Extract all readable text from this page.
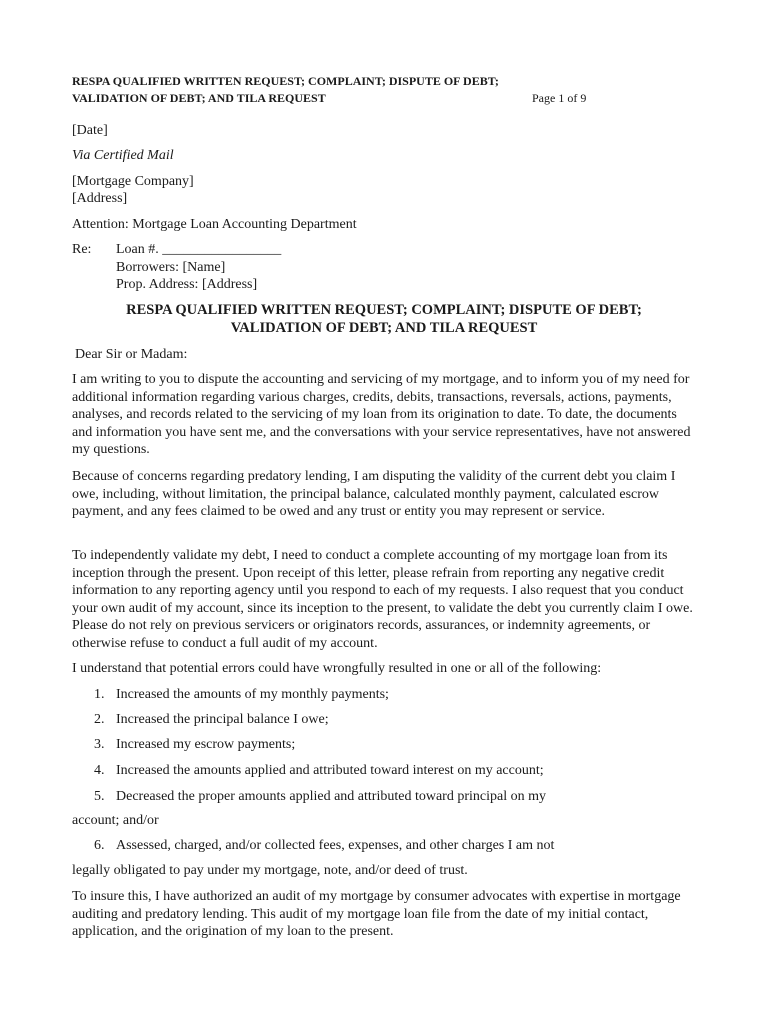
RESPA QUALIFIED WRITTEN REQUEST; COMPLAINT; DISPUTE OF DEBT;
VALIDATION OF DEBT; AND TILA REQUEST	Page 1 of 9
[Date]
Via Certified Mail
[Mortgage Company]
[Address]
Attention: Mortgage Loan Accounting Department
Re: Loan #. _________________
Borrowers: [Name]
Prop. Address: [Address]
RESPA QUALIFIED WRITTEN REQUEST; COMPLAINT; DISPUTE OF DEBT;
VALIDATION OF DEBT; AND TILA REQUEST
Dear Sir or Madam:
I am writing to you to dispute the accounting and servicing of my mortgage, and to inform you of my need for additional information regarding various charges, credits, debits, transactions, reversals, actions, payments, analyses, and records related to the servicing of my loan from its origination to date. To date, the documents and information you have sent me, and the conversations with your service representatives, have not answered my questions.
Because of concerns regarding predatory lending, I am disputing the validity of the current debt you claim I owe, including, without limitation, the principal balance, calculated monthly payment, calculated escrow payment, and any fees claimed to be owed and any trust or entity you may represent or service.
To independently validate my debt, I need to conduct a complete accounting of my mortgage loan from its inception through the present. Upon receipt of this letter, please refrain from reporting any negative credit information to any reporting agency until you respond to each of my requests. I also request that you conduct your own audit of my account, since its inception to the present, to validate the debt you currently claim I owe. Please do not rely on previous servicers or originators records, assurances, or indemnity agreements, or otherwise refuse to conduct a full audit of my account.
I understand that potential errors could have wrongfully resulted in one or all of the following:
1. Increased the amounts of my monthly payments;
2. Increased the principal balance I owe;
3. Increased my escrow payments;
4. Increased the amounts applied and attributed toward interest on my account;
5. Decreased the proper amounts applied and attributed toward principal on my
account; and/or
6. Assessed, charged, and/or collected fees, expenses, and other charges I am not
legally obligated to pay under my mortgage, note, and/or deed of trust.
To insure this, I have authorized an audit of my mortgage by consumer advocates with expertise in mortgage auditing and predatory lending. This audit of my mortgage loan file from the date of my initial contact, application, and the origination of my loan to the present.
